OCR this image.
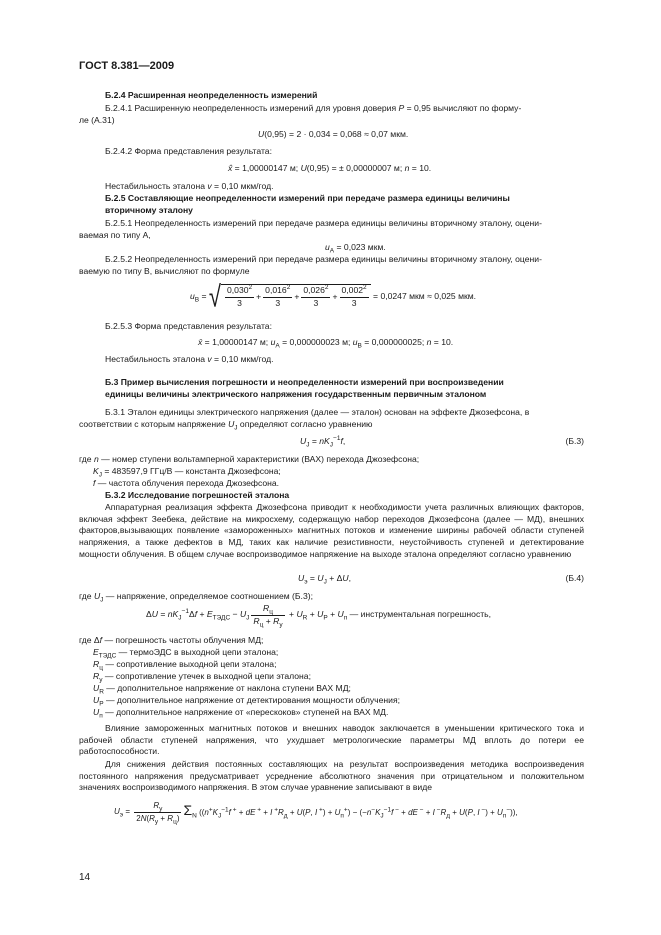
ГОСТ 8.381—2009
Б.2.4 Расширенная неопределенность измерений
Б.2.4.1 Расширенную неопределенность измерений для уровня доверия P = 0,95 вычисляют по форму-
ле (А.31)
U(0,95) = 2 · 0,034 = 0,068 ≈ 0,07 мкм.
Б.2.4.2 Форма представления результата:
x̂ = 1,00000147 м; U(0,95) = ± 0,00000007 м; n = 10.
Нестабильность эталона v = 0,10 мкм/год.
Б.2.5 Составляющие неопределенности измерений при передаче размера единицы величины
вторичному эталону
Б.2.5.1 Неопределенность измерений при передаче размера единицы величины вторичному эталону, оцени-
ваемая по типу А,
$u_A = 0,023$ мкм.
Б.2.5.2 Неопределенность измерений при передаче размера единицы величины вторичному эталону, оцени-
ваемую по типу В, вычисляют по формуле
$u_B$ = √ $\frac{0,030^2}{3} + \frac{0,016^2}{3} + \frac{0,026^2}{3} + \frac{0,002^2}{3} = 0,0247$ мкм ≈ 0,025 мкм.
Б.2.5.3 Форма представления результата:
x̄ = 1,00000147 м; $u_A = 0,000000023$ м; $u_B = 0,000000025$; n = 10.
Нестабильность эталона v = 0,10 мкм/год.
Б.3 Пример вычисления погрешности и неопределенности измерений при воспроизведении
единицы величины электрического напряжения государственным первичным эталоном
Б.3.1 Эталон единицы электрического напряжения (далее — эталон) основан на эффекте Джозефсона, в
соответствии с которым напряжение $U_J$ определяют согласно уравнению
$U_J = nK_J^{-1}f$,	(Б.3)
где n — номер ступени вольтамперной характеристики (ВАХ) перехода Джозефсона;
$K_J = 483597,9$ ГГц/В — константа Джозефсона;
f — частота облучения перехода Джозефсона.
Б.3.2 Исследование погрешностей эталона
Аппаратурная реализация эффекта Джозефсона приводит к необходимости учета различных влияющих факторов, включая эффект Зеебека, действие на микросхему, содержащую набор переходов Джозефсона (далее — МД), внешних факторов,вызывающих появление «замороженных» магнитных потоков и изменение ширины рабочей области ступеней напряжения, а также дефектов в МД, таких как наличие резистивности, неустойчивость ступеней и детектирование мощности облучения. В общем случае воспроизводимое напряжение на выходе эталона определяют согласно уравнению
$U_э = U_J + \Delta U$,	(Б.4)
где $U_J$ — напряжение, определяемое соотношением (Б.3);
$\Delta U = nK_J^{-1}\Delta f + E_{ТЭДС} - U_J \frac{R_ц}{R_ц + R_у} + U_R + U_P + U_п$ — инструментальная погрешность,
где Δf — погрешность частоты облучения МД;
$E_{ТЭДС}$ — термоЭДС в выходной цепи эталона;
$R_ц$ — сопротивление выходной цепи эталона;
$R_у$ — сопротивление утечек в выходной цепи эталона;
$U_R$ — дополнительное напряжение от наклона ступени ВАХ МД;
$U_P$ — дополнительное напряжение от детектирования мощности облучения;
$U_п$ — дополнительное напряжение от «перескоков» ступеней на ВАХ МД.
Влияние замороженных магнитных потоков и внешних наводок заключается в уменьшении критического тока и рабочей области ступеней напряжения, что ухудшает метрологические параметры МД вплоть до потери ее работоспособности.
Для снижения действия постоянных составляющих на результат воспроизведения методика воспроизведения постоянного напряжения предусматривает усреднение абсолютного значения при отрицательном и положительном значениях воспроизводимого напряжения. В этом случае уравнение записывают в виде
$U_э = \frac{R_у}{2N(R_у + R_ц)} \Sigma_N$ (($n^+K_J^{-1}f$ + + dE + + I $^+R_д + U(P$, I $^+) + U_п^+) - (-n^-K_J^{-1}f$ − + dE − + I $^-R_д + U(P$, I $^-) + U_п^-$)),
14
